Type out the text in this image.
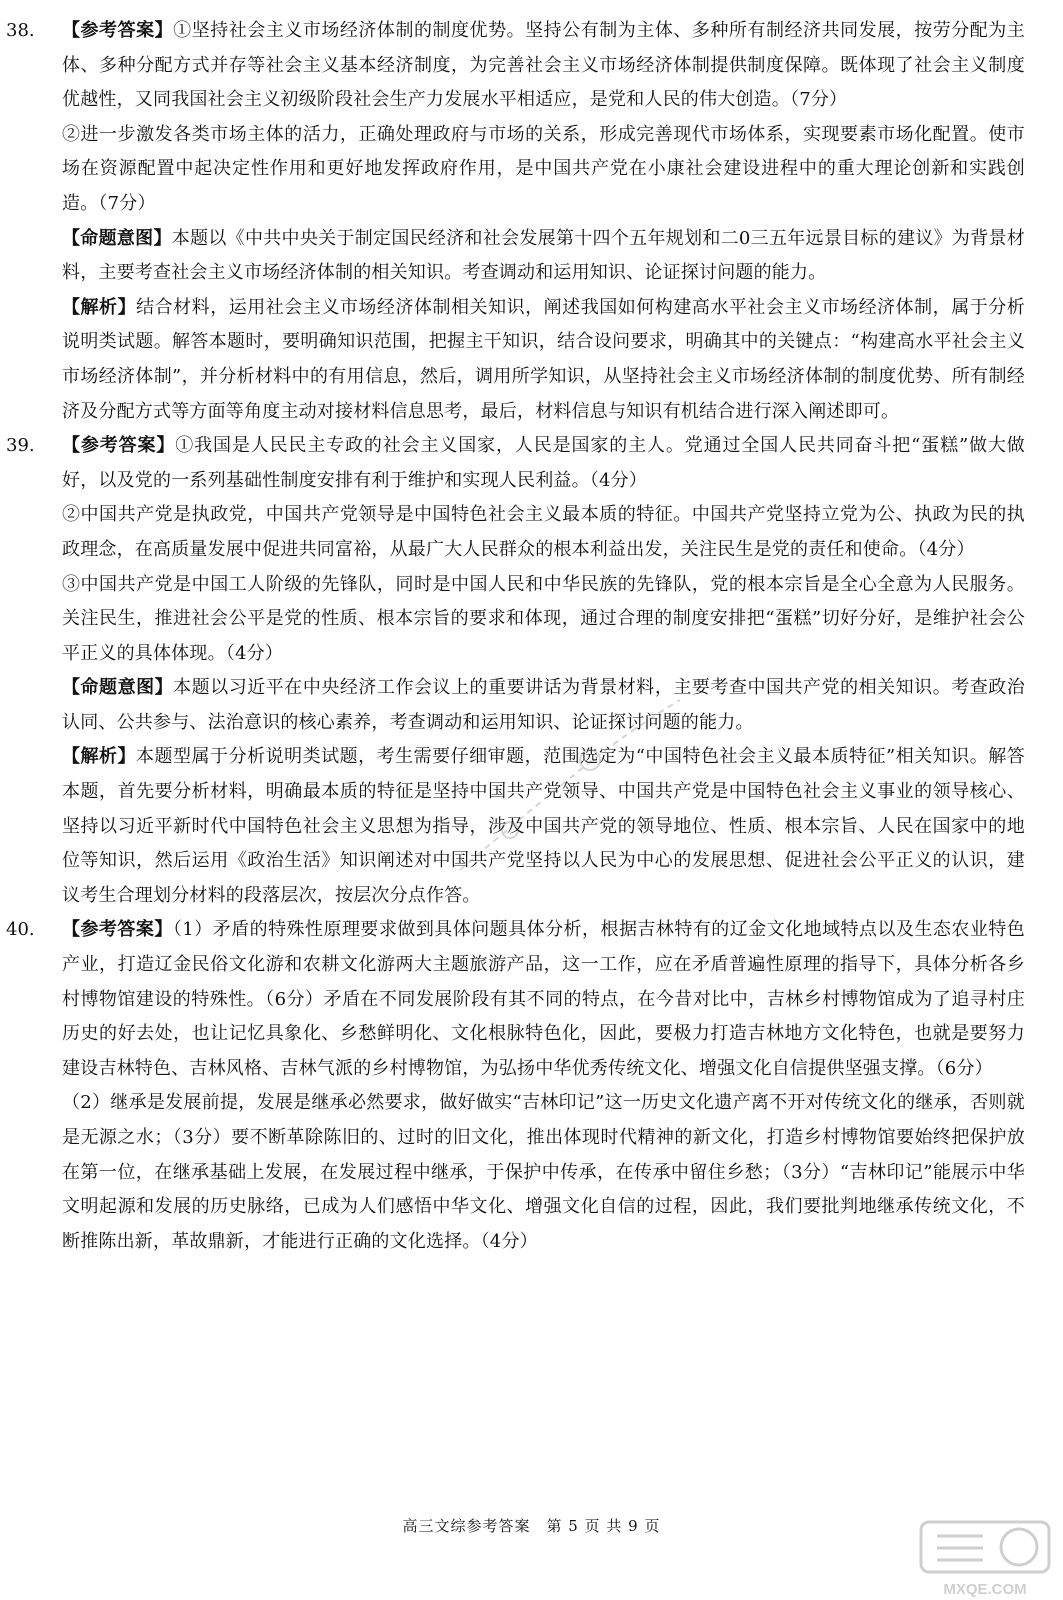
38.	【参考答案】①坚持社会主义市场经济体制的制度优势。坚持公有制为主体、多种所有制经济共同发展，按劳分配为主体、多种分配方式并存等社会主义基本经济制度，为完善社会主义市场经济体制提供制度保障。既体现了社会主义制度优越性，又同我国社会主义初级阶段社会生产力发展水平相适应，是党和人民的伟大创造。（7分）

②进一步激发各类市场主体的活力，正确处理政府与市场的关系，形成完善现代市场体系，实现要素市场化配置。使市场在资源配置中起决定性作用和更好地发挥政府作用，是中国共产党在小康社会建设进程中的重大理论创新和实践创造。（7分）

【命题意图】本题以《中共中央关于制定国民经济和社会发展第十四个五年规划和二0三五年远景目标的建议》为背景材料，主要考查社会主义市场经济体制的相关知识。考查调动和运用知识、论证探讨问题的能力。

【解析】结合材料，运用社会主义市场经济体制相关知识，阐述我国如何构建高水平社会主义市场经济体制，属于分析说明类试题。解答本题时，要明确知识范围，把握主干知识，结合设问要求，明确其中的关键点：“构建高水平社会主义市场经济体制”，并分析材料中的有用信息，然后，调用所学知识，从坚持社会主义市场经济体制的制度优势、所有制经济及分配方式等方面等角度主动对接材料信息思考，最后，材料信息与知识有机结合进行深入阐述即可。

39.	【参考答案】①我国是人民民主专政的社会主义国家，人民是国家的主人。党通过全国人民共同奋斗把“蛋糕”做大做好，以及党的一系列基础性制度安排有利于维护和实现人民利益。（4分）

②中国共产党是执政党，中国共产党领导是中国特色社会主义最本质的特征。中国共产党坚持立党为公、执政为民的执政理念，在高质量发展中促进共同富裕，从最广大人民群众的根本利益出发，关注民生是党的责任和使命。（4分）

③中国共产党是中国工人阶级的先锋队，同时是中国人民和中华民族的先锋队，党的根本宗旨是全心全意为人民服务。关注民生，推进社会公平是党的性质、根本宗旨的要求和体现，通过合理的制度安排把“蛋糕”切好分好，是维护社会公平正义的具体体现。（4分）

【命题意图】本题以习近平在中央经济工作会议上的重要讲话为背景材料，主要考查中国共产党的相关知识。考查政治认同、公共参与、法治意识的核心素养，考查调动和运用知识、论证探讨问题的能力。

【解析】本题型属于分析说明类试题，考生需要仔细审题，范围选定为“中国特色社会主义最本质特征”相关知识。解答本题，首先要分析材料，明确最本质的特征是坚持中国共产党领导、中国共产党是中国特色社会主义事业的领导核心、坚持以习近平新时代中国特色社会主义思想为指导，涉及中国共产党的领导地位、性质、根本宗旨、人民在国家中的地位等知识，然后运用《政治生活》知识阐述对中国共产党坚持以人民为中心的发展思想、促进社会公平正义的认识，建议考生合理划分材料的段落层次，按层次分点作答。

40.	【参考答案】（1）矛盾的特殊性原理要求做到具体问题具体分析，根据吉林特有的辽金文化地域特点以及生态农业特色产业，打造辽金民俗文化游和农耕文化游两大主题旅游产品，这一工作，应在矛盾普遍性原理的指导下，具体分析各乡村博物馆建设的特殊性。（6分）矛盾在不同发展阶段有其不同的特点，在今昔对比中，吉林乡村博物馆成为了追寻村庄历史的好去处，也让记忆具象化、乡愁鲜明化、文化根脉特色化，因此，要极力打造吉林地方文化特色，也就是要努力建设吉林特色、吉林风格、吉林气派的乡村博物馆，为弘扬中华优秀传统文化、增强文化自信提供坚强支撑。（6分）

（2）继承是发展前提，发展是继承必然要求，做好做实“吉林印记”这一历史文化遗产离不开对传统文化的继承，否则就是无源之水；（3分）要不断革除陈旧的、过时的旧文化，推出体现时代精神的新文化，打造乡村博物馆要始终把保护放在第一位，在继承基础上发展，在发展过程中继承，于保护中传承，在传承中留住乡愁；（3分）“吉林印记”能展示中华文明起源和发展的历史脉络，已成为人们感悟中华文化、增强文化自信的过程，因此，我们要批判地继承传统文化，不断推陈出新，革故鼎新，才能进行正确的文化选择。（4分）

高三文综参考答案　第 5 页 共 9 页
MXQE.COM
